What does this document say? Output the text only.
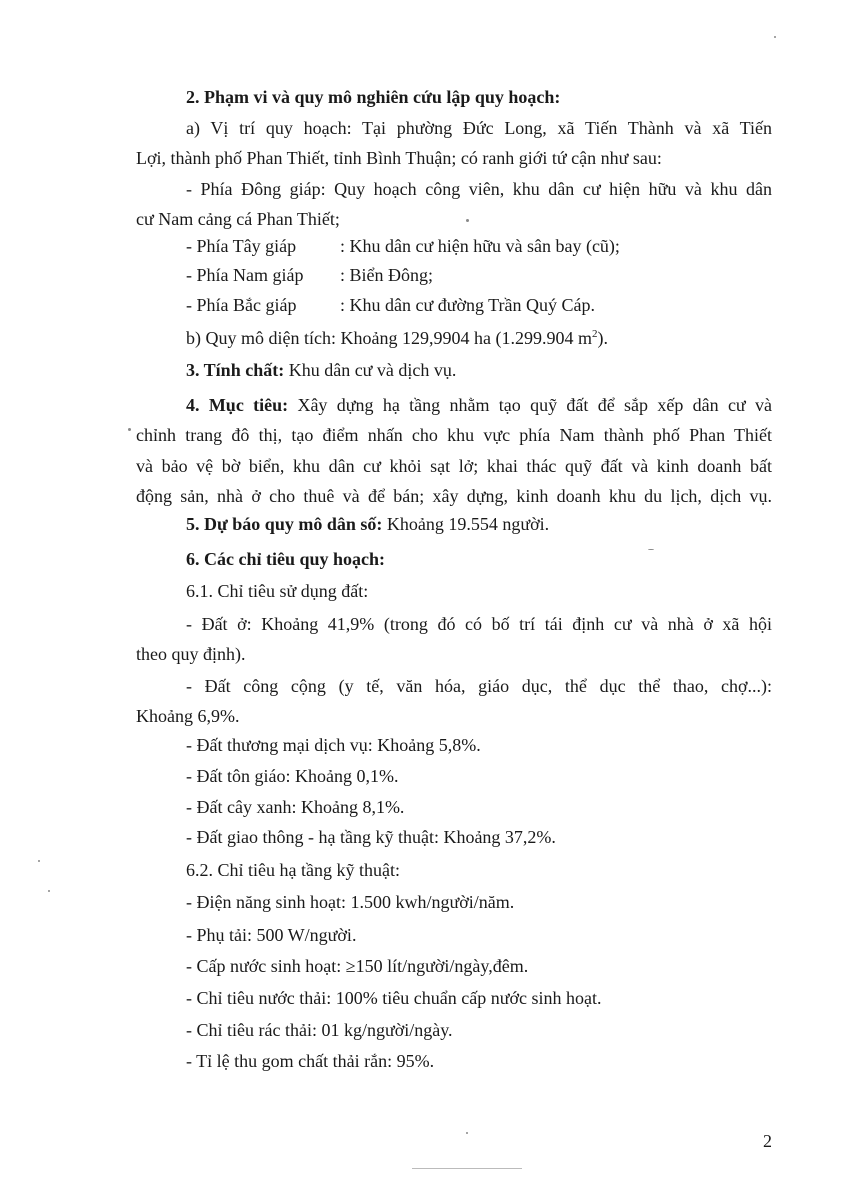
2. Phạm vi và quy mô nghiên cứu lập quy hoạch:
a) Vị trí quy hoạch: Tại phường Đức Long, xã Tiến Thành và xã Tiến
Lợi, thành phố Phan Thiết, tỉnh Bình Thuận; có ranh giới tứ cận như sau:
- Phía Đông giáp: Quy hoạch công viên, khu dân cư hiện hữu và khu dân
cư Nam cảng cá Phan Thiết;
- Phía Tây giáp : Khu dân cư hiện hữu và sân bay (cũ);
- Phía Nam giáp : Biển Đông;
- Phía Bắc giáp : Khu dân cư đường Trần Quý Cáp.
b) Quy mô diện tích: Khoảng 129,9904 ha (1.299.904 $m^2$).
3. Tính chất: Khu dân cư và dịch vụ.
4. Mục tiêu: Xây dựng hạ tầng nhằm tạo quỹ đất để sắp xếp dân cư và
chỉnh trang đô thị, tạo điểm nhấn cho khu vực phía Nam thành phố Phan Thiết
và bảo vệ bờ biển, khu dân cư khỏi sạt lở; khai thác quỹ đất và kinh doanh bất
động sản, nhà ở cho thuê và để bán; xây dựng, kinh doanh khu du lịch, dịch vụ.
5. Dự báo quy mô dân số: Khoảng 19.554 người.
6. Các chỉ tiêu quy hoạch:
6.1. Chỉ tiêu sử dụng đất:
- Đất ở: Khoảng 41,9% (trong đó có bố trí tái định cư và nhà ở xã hội
theo quy định).
- Đất công cộng (y tế, văn hóa, giáo dục, thể dục thể thao, chợ...):
Khoảng 6,9%.
- Đất thương mại dịch vụ: Khoảng 5,8%.
- Đất tôn giáo: Khoảng 0,1%.
- Đất cây xanh: Khoảng 8,1%.
- Đất giao thông - hạ tầng kỹ thuật: Khoảng 37,2%.
6.2. Chỉ tiêu hạ tầng kỹ thuật:
- Điện năng sinh hoạt: 1.500 kwh/người/năm.
- Phụ tải: 500 W/người.
- Cấp nước sinh hoạt: ≥150 lít/người/ngày,đêm.
- Chỉ tiêu nước thải: 100% tiêu chuẩn cấp nước sinh hoạt.
- Chỉ tiêu rác thải: 01 kg/người/ngày.
- Tỉ lệ thu gom chất thải rắn: 95%.
2
